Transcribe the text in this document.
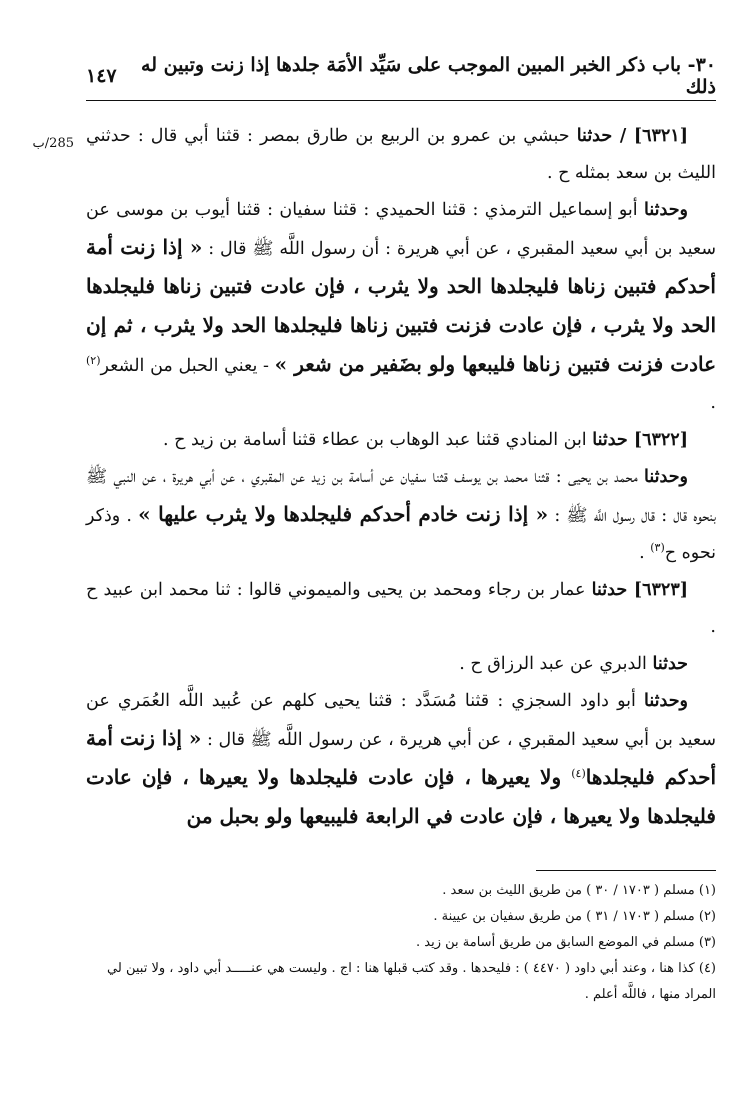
٣٠- باب ذكر الخبر المبين الموجب على سَيِّد الأمَة جلدها إذا زنت وتبين له ذلك
١٤٧
285/ب	[٦٣٢١] / حدثنا حبشي بن عمرو بن الربيع بن طارق بمصر : قثنا أبي قال : حدثني الليث بن سعد بمثله ح .

وحدثنا أبو إسماعيل الترمذي : قثنا الحميدي : قثنا سفيان : قثنا أيوب بن موسى عن سعيد بن أبي سعيد المقبري ، عن أبي هريرة : أن رسول اللَّه ﷺ قال : « إذا زنت أمة أحدكم فتبين زناها فليجلدها الحد ولا يثرب ، فإن عادت فتبين زناها فليجلدها الحد ولا يثرب ، فإن عادت فزنت فتبين زناها فليجلدها الحد ولا يثرب ، ثم إن عادت فزنت فتبين زناها فليبعها ولو بضَفير من شعر » - يعني الحبل من الشعر$^{(٢)}$ .

[٦٣٢٢] حدثنا ابن المنادي قثنا عبد الوهاب بن عطاء قثنا أسامة بن زيد ح .

وحدثنا محمد بن يحيى : قثنا محمد بن يوسف قثنا سفيان عن أسامة بن زيد عن المقبري ، عن أبي هريرة ، عن النبي ﷺ بنحوه قال : قال رسول اللَّه ﷺ : « إذا زنت خادم أحدكم فليجلدها ولا يثرب عليها » . وذكر نحوه ح$^{(٣)}$ .

[٦٣٢٣] حدثنا عمار بن رجاء ومحمد بن يحيى والميموني قالوا : ثنا محمد ابن عبيد ح .

حدثنا الدبري عن عبد الرزاق ح .

وحدثنا أبو داود السجزي : قثنا مُسَدَّد : قثنا يحيى كلهم عن عُبيد اللَّه العُمَري عن سعيد بن أبي سعيد المقبري ، عن أبي هريرة ، عن رسول اللَّه ﷺ قال : « إذا زنت أمة أحدكم فليجلدها$^{(٤)}$ ولا يعيرها ، فإن عادت فليجلدها ولا يعيرها ، فإن عادت فليجلدها ولا يعيرها ، فإن عادت في الرابعة فليبيعها ولو بحبل من

(١) مسلم ( ١٧٠٣ / ٣٠ ) من طريق الليث بن سعد .

(٢) مسلم ( ١٧٠٣ / ٣١ ) من طريق سفيان بن عيينة .

(٣) مسلم في الموضع السابق من طريق أسامة بن زيد .

(٤) كذا هنا ، وعند أبي داود ( ٤٤٧٠ ) : فليحدها . وقد كتب قبلها هنا : اج . وليست هي عنـــــد أبي داود ، ولا تبين لي المراد منها ، فاللَّه أعلم .
